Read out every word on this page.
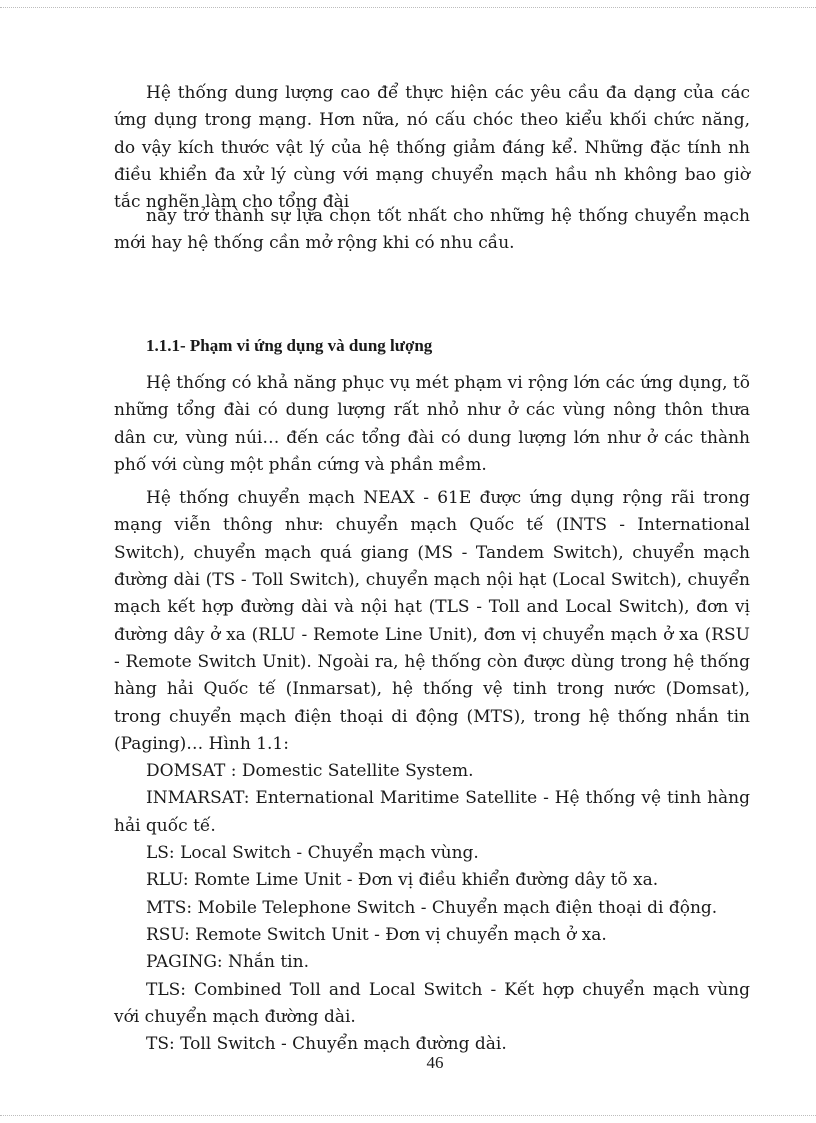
Hệ thống dung lượng cao để thực hiện các yêu cầu đa dạng của các ứng dụng trong mạng. Hơn nữa, nó cấu chóc theo kiểu khối chức năng, do vậy kích thước vật lý của hệ thống giảm đáng kể. Những đặc tính nh điều khiển đa xử lý cùng với mạng chuyển mạch hầu nh không bao giờ tắc nghẽn làm cho tổng đài

này trở thành sự lựa chọn tốt nhất cho những hệ thống chuyển mạch mới hay hệ thống cần mở rộng khi có nhu cầu.

1.1.1- Phạm vi ứng dụng và dung lượng

Hệ thống có khả năng phục vụ mét phạm vi rộng lớn các ứng dụng, tõ những tổng đài có dung lượng rất nhỏ như ở các vùng nông thôn thưa dân cư, vùng núi… đến các tổng đài có dung lượng lớn như ở các thành phố với cùng một phần cứng và phần mềm.

Hệ thống chuyển mạch NEAX - 61E được ứng dụng rộng rãi trong mạng viễn thông như: chuyển mạch Quốc tế (INTS - International Switch), chuyển mạch quá giang (MS - Tandem Switch), chuyển mạch đường dài (TS - Toll Switch), chuyển mạch nội hạt (Local Switch), chuyển mạch kết hợp đường dài và nội hạt (TLS - Toll and Local Switch), đơn vị đường dây ở xa (RLU - Remote Line Unit), đơn vị chuyển mạch ở xa (RSU - Remote Switch Unit). Ngoài ra, hệ thống còn được dùng trong hệ thống hàng hải Quốc tế (Inmarsat), hệ thống vệ tinh trong nước (Domsat), trong chuyển mạch điện thoại di động (MTS), trong hệ thống nhắn tin (Paging)… Hình 1.1:

DOMSAT : Domestic Satellite System.

INMARSAT: Enternational Maritime Satellite - Hệ thống vệ tinh hàng hải quốc tế.

LS: Local Switch - Chuyển mạch vùng.

RLU: Romte Lime Unit - Đơn vị điều khiển đường dây tõ xa.

MTS: Mobile Telephone Switch - Chuyển mạch điện thoại di động.

RSU: Remote Switch Unit - Đơn vị chuyển mạch ở xa.

PAGING: Nhắn tin.

TLS: Combined Toll and Local Switch - Kết hợp chuyển mạch vùng với chuyển mạch đường dài.

TS: Toll Switch - Chuyển mạch đường dài.

46
